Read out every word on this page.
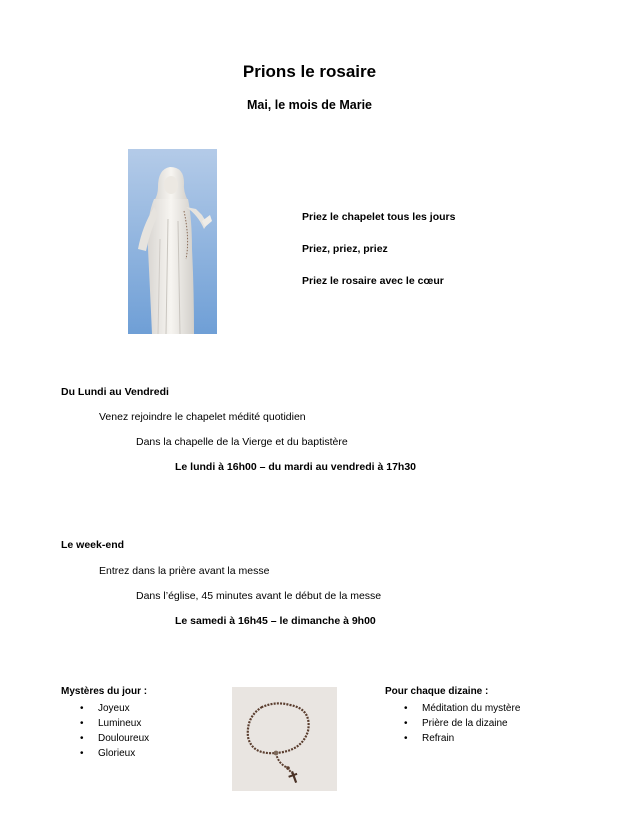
Prions le rosaire
Mai, le mois de Marie
Priez le chapelet tous les jours
Priez, priez, priez
Priez le rosaire avec le cœur
Du Lundi au Vendredi
Venez rejoindre le chapelet médité quotidien
Dans la chapelle de la Vierge et du baptistère
Le lundi à 16h00 – du mardi au vendredi à 17h30
Le week-end
Entrez dans la prière avant la messe
Dans l’église, 45 minutes avant le début de la messe
Le samedi à 16h45 – le dimanche à 9h00
Mystères du jour :
• Joyeux
• Lumineux
• Douloureux
• Glorieux
Pour chaque dizaine :
• Méditation du mystère
• Prière de la dizaine
• Refrain
